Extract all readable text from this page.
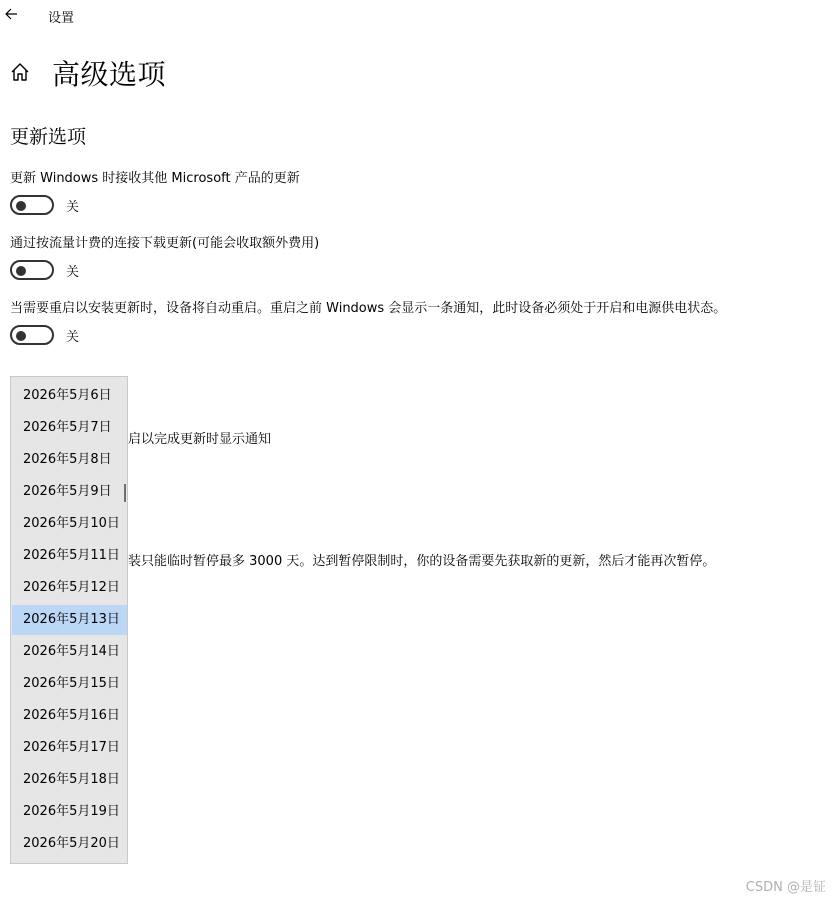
设置
高级选项
更新选项
更新 Windows 时接收其他 Microsoft 产品的更新
关
通过按流量计费的连接下载更新(可能会收取额外费用)
关
当需要重启以安装更新时，设备将自动重启。重启之前 Windows 会显示一条通知，此时设备必须处于开启和电源供电状态。
关
启以完成更新时显示通知
装只能临时暂停最多 3000 天。达到暂停限制时，你的设备需要先获取新的更新，然后才能再次暂停。
2026年5月6日
2026年5月7日
2026年5月8日
2026年5月9日
2026年5月10日
2026年5月11日
2026年5月12日
2026年5月13日
2026年5月14日
2026年5月15日
2026年5月16日
2026年5月17日
2026年5月18日
2026年5月19日
2026年5月20日
CSDN @是钲
